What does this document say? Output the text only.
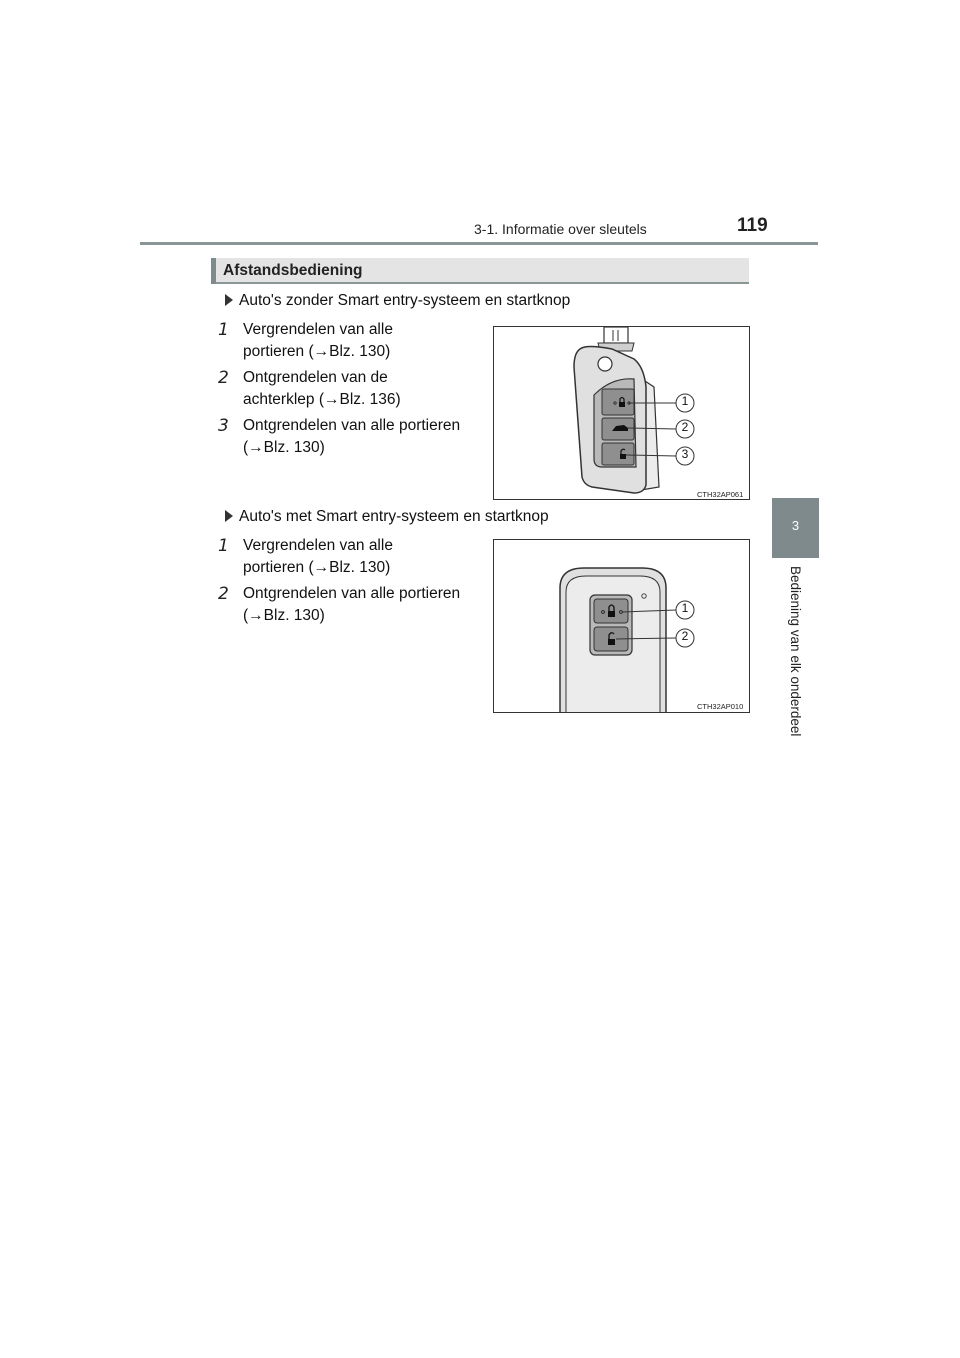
3-1. Informatie over sleutels	119
3
Bediening van elk onderdeel
Afstandsbediening
Auto's zonder Smart entry-systeem en startknop
1 Vergrendelen van alle
portieren (→Blz. 130)
2 Ontgrendelen van de
achterklep (→Blz. 136)
3 Ontgrendelen van alle portieren
(→Blz. 130)
1
2
3
CTH32AP061
Auto's met Smart entry-systeem en startknop
1 Vergrendelen van alle
portieren (→Blz. 130)
2 Ontgrendelen van alle portieren
(→Blz. 130)	1
2
CTH32AP010
